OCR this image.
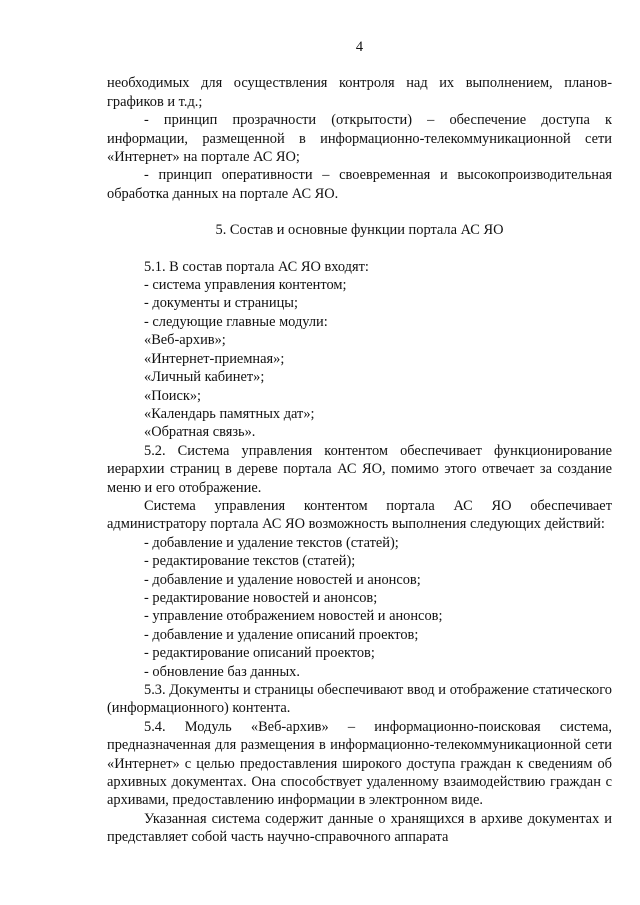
4

необходимых для осуществления контроля над их выполнением, планов-графиков и т.д.;

- принцип прозрачности (открытости) – обеспечение доступа к информации, размещенной в информационно-телекоммуникационной сети «Интернет» на портале АС ЯО;

- принцип оперативности – своевременная и высокопроизводительная обработка данных на портале АС ЯО.

5. Состав и основные функции портала АС ЯО

5.1. В состав портала АС ЯО входят:

- система управления контентом;

- документы и страницы;

- следующие главные модули:

«Веб-архив»;

«Интернет-приемная»;

«Личный кабинет»;

«Поиск»;

«Календарь памятных дат»;

«Обратная связь».

5.2. Система управления контентом обеспечивает функционирование иерархии страниц в дереве портала АС ЯО, помимо этого отвечает за создание меню и его отображение.

Система управления контентом портала АС ЯО обеспечивает администратору портала АС ЯО возможность выполнения следующих действий:

- добавление и удаление текстов (статей);

- редактирование текстов (статей);

- добавление и удаление новостей и анонсов;

- редактирование новостей и анонсов;

- управление отображением новостей и анонсов;

- добавление и удаление описаний проектов;

- редактирование описаний проектов;

- обновление баз данных.

5.3. Документы и страницы обеспечивают ввод и отображение статического (информационного) контента.

5.4. Модуль «Веб-архив» – информационно-поисковая система, предназначенная для размещения в информационно-телекоммуникационной сети «Интернет» с целью предоставления широкого доступа граждан к сведениям об архивных документах. Она способствует удаленному взаимодействию граждан с архивами, предоставлению информации в электронном виде.

Указанная система содержит данные о хранящихся в архиве документах и представляет собой часть научно-справочного аппарата
